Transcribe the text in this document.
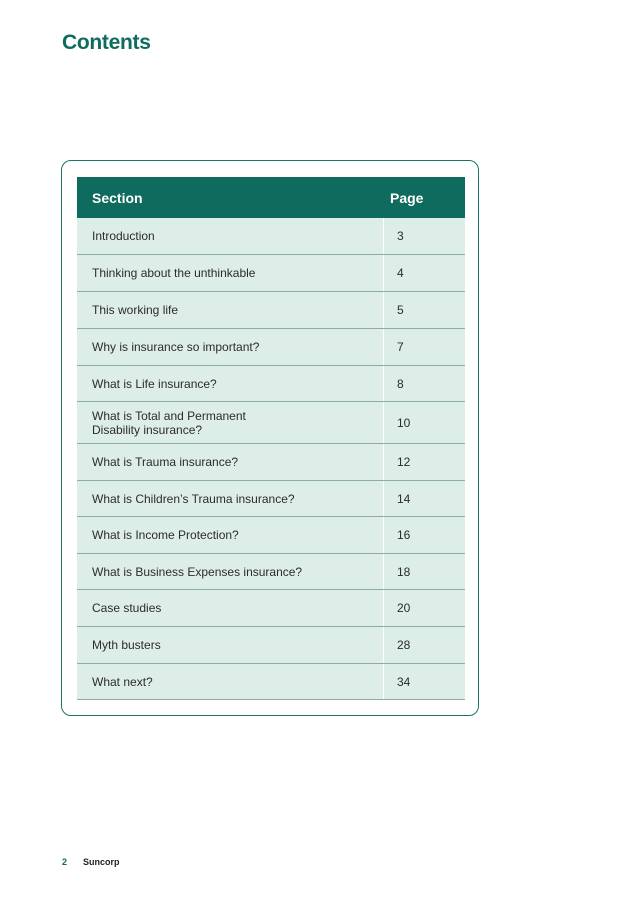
Contents
Section	Page
Introduction	3
Thinking about the unthinkable	4
This working life	5
Why is insurance so important?	7
What is Life insurance?	8
What is Total and Permanent
Disability insurance?	10
What is Trauma insurance?	12
What is Children’s Trauma insurance?	14
What is Income Protection?	16
What is Business Expenses insurance?	18
Case studies	20
Myth busters	28
What next?	34
2 Suncorp
